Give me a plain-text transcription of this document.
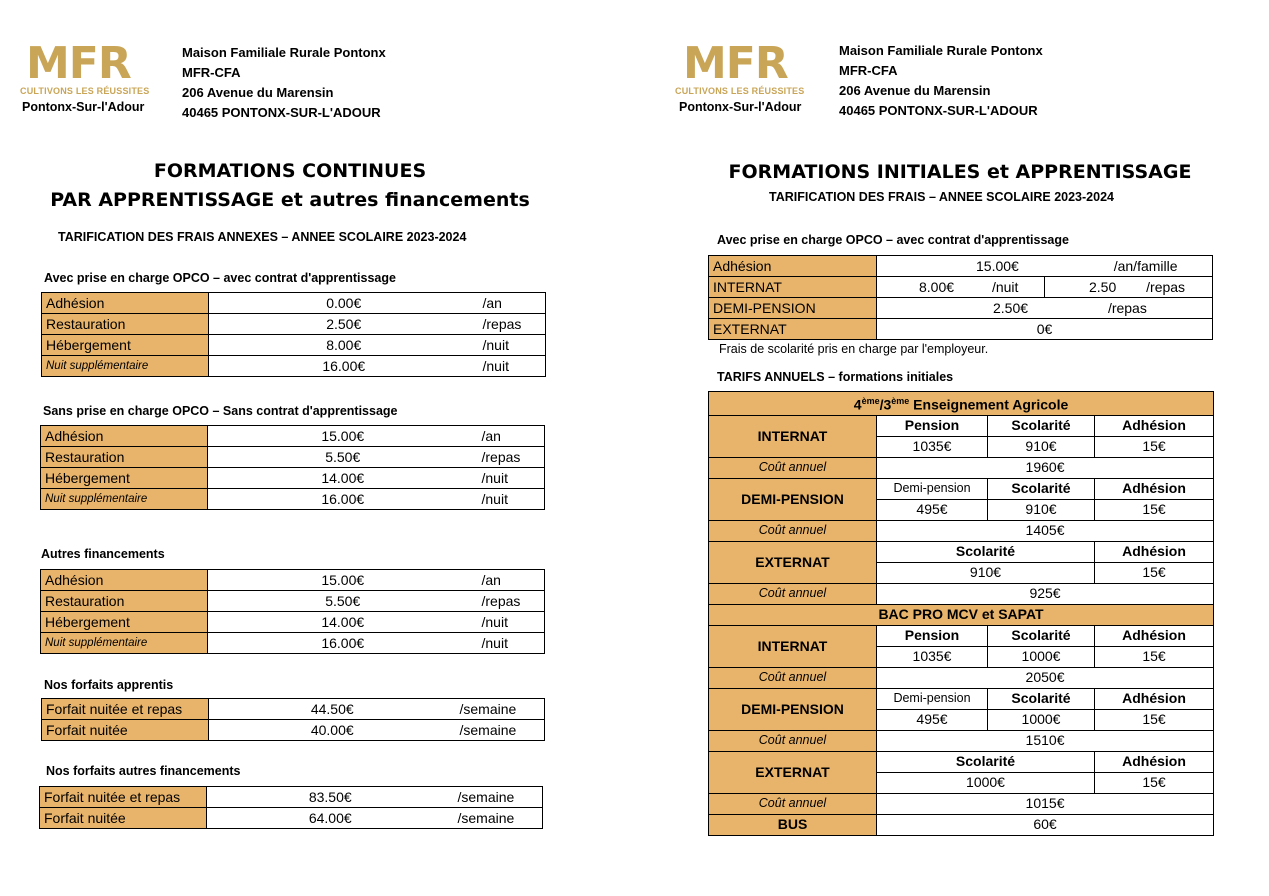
MFR
CULTIVONS LES RÉUSSITES
Pontonx-Sur-l'Adour
Maison Familiale Rurale Pontonx
MFR-CFA
206 Avenue du Marensin
40465 PONTONX-SUR-L'ADOUR
FORMATIONS CONTINUES
PAR APPRENTISSAGE et autres financements
TARIFICATION DES FRAIS ANNEXES – ANNEE SCOLAIRE 2023-2024
Avec prise en charge OPCO – avec contrat d'apprentissage
Adhésion	0.00€	/an
Restauration	2.50€	/repas
Hébergement	8.00€	/nuit
Nuit supplémentaire	16.00€	/nuit
Sans prise en charge OPCO – Sans contrat d'apprentissage
Adhésion	15.00€	/an
Restauration	5.50€	/repas
Hébergement	14.00€	/nuit
Nuit supplémentaire	16.00€	/nuit
Autres financements
Adhésion	15.00€	/an
Restauration	5.50€	/repas
Hébergement	14.00€	/nuit
Nuit supplémentaire	16.00€	/nuit
Nos forfaits apprentis
Forfait nuitée et repas	44.50€	/semaine
Forfait nuitée	40.00€	/semaine
Nos forfaits autres financements
Forfait nuitée et repas	83.50€	/semaine
Forfait nuitée	64.00€	/semaine
MFR
CULTIVONS LES RÉUSSITES
Pontonx-Sur-l'Adour
Maison Familiale Rurale Pontonx
MFR-CFA
206 Avenue du Marensin
40465 PONTONX-SUR-L'ADOUR
FORMATIONS INITIALES et APPRENTISSAGE
TARIFICATION DES FRAIS – ANNEE SCOLAIRE 2023-2024
Avec prise en charge OPCO – avec contrat d'apprentissage
Adhésion	15.00€ /an/famille	
INTERNAT	8.00€ /nuit	2.50 /repas
DEMI-PENSION	2.50€ /repas	
EXTERNAT	0€	
Frais de scolarité pris en charge par l'employeur.
TARIFS ANNUELS – formations initiales
4ème/3ème Enseignement Agricole			
INTERNAT	Pension	Scolarité	Adhésion
	1035€	910€	15€
Coût annuel	1960€		
DEMI-PENSION	Demi-pension	Scolarité	Adhésion
	495€	910€	15€
Coût annuel	1405€		
EXTERNAT	Scolarité		Adhésion
	910€		15€
Coût annuel	925€		
BAC PRO MCV et SAPAT			
INTERNAT	Pension	Scolarité	Adhésion
	1035€	1000€	15€
Coût annuel	2050€		
DEMI-PENSION	Demi-pension	Scolarité	Adhésion
	495€	1000€	15€
Coût annuel	1510€		
EXTERNAT	Scolarité		Adhésion
	1000€		15€
Coût annuel	1015€		
BUS	60€		
